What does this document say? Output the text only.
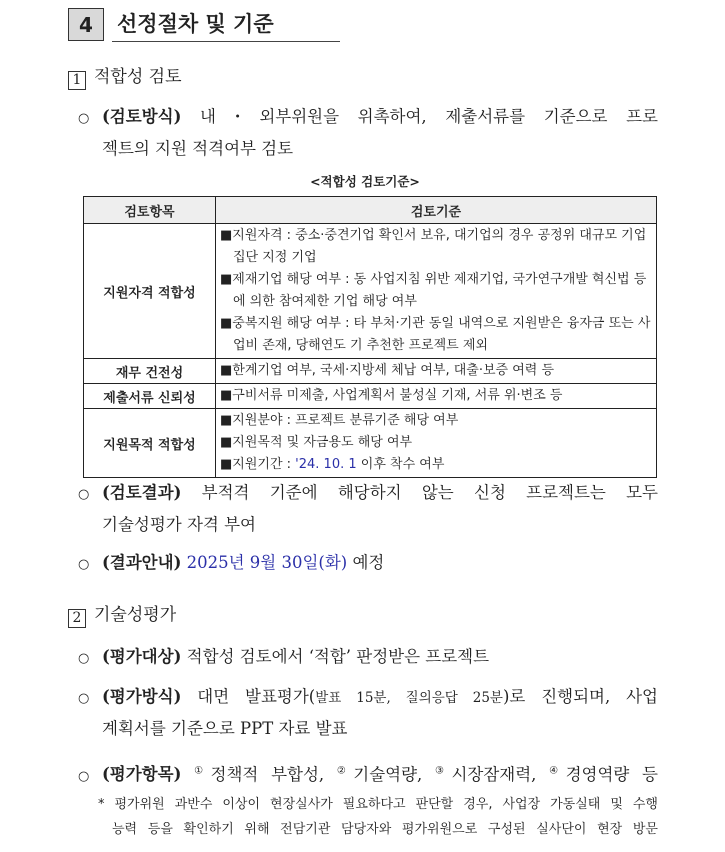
4	선정절차 및 기준
1 적합성 검토
○ (검토방식) 내・외부위원을 위촉하여, 제출서류를 기준으로 프로
젝트의 지원 적격여부 검토
<적합성 검토기준>
검토항목	검토기준
지원자격 적합성	■지원자격 : 중소·중견기업 확인서 보유, 대기업의 경우 공정위 대규모 기업집단 지정 기업
■제재기업 해당 여부 : 동 사업지침 위반 제재기업, 국가연구개발 혁신법 등에 의한 참여제한 기업 해당 여부
■중복지원 해당 여부 : 타 부처·기관 동일 내역으로 지원받은 융자금 또는 사업비 존재, 당해연도 기 추천한 프로젝트 제외

재무 건전성	■한계기업 여부, 국세·지방세 체납 여부, 대출·보증 여력 등

제출서류 신뢰성	■구비서류 미제출, 사업계획서 불성실 기재, 서류 위·변조 등

지원목적 적합성	■지원분야 : 프로젝트 분류기준 해당 여부
■지원목적 및 자금용도 해당 여부
■지원기간 : '24. 10. 1 이후 착수 여부
○ (검토결과) 부적격 기준에 해당하지 않는 신청 프로젝트는 모두
기술성평가 자격 부여
○ (결과안내) 2025년 9월 30일(화) 예정
2 기술성평가
○ (평가대상) 적합성 검토에서 ‘적합’ 판정받은 프로젝트
○ (평가방식) 대면 발표평가(발표 15분, 질의응답 25분)로 진행되며, 사업
계획서를 기준으로 PPT 자료 발표
○ (평가항목) ①정책적 부합성, ②기술역량, ③시장잠재력, ④경영역량 등
* 평가위원 과반수 이상이 현장실사가 필요하다고 판단할 경우, 사업장 가동실태 및 수행
능력 등을 확인하기 위해 전담기관 담당자와 평가위원으로 구성된 실사단이 현장 방문
